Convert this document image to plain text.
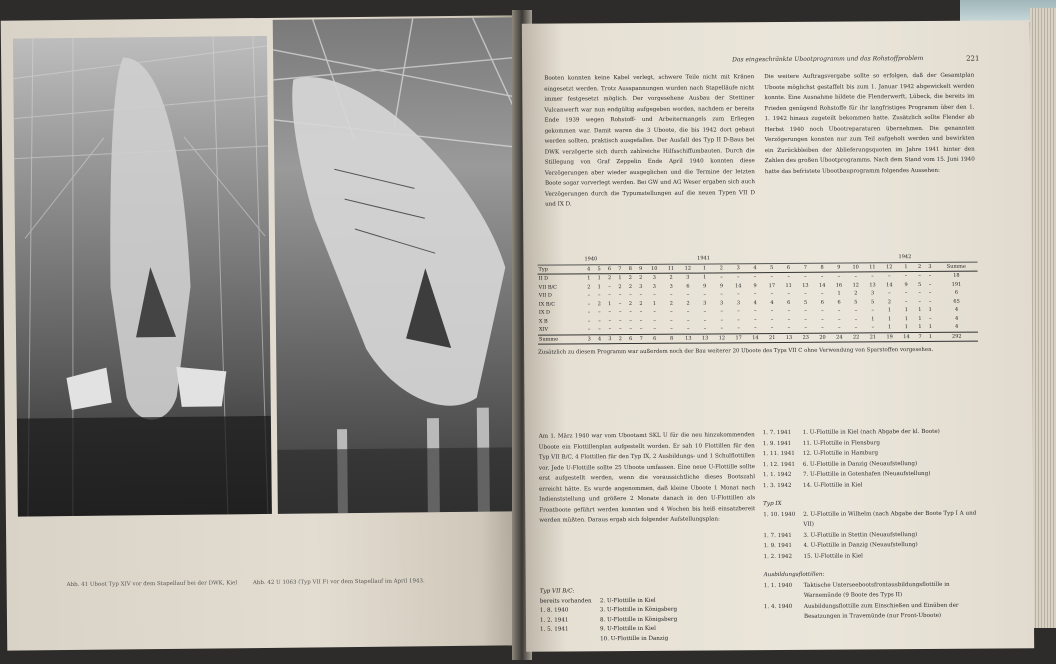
Abb. 41 Uboot Typ XIV vor dem Stapellauf bei der DWK, Kiel	Abb. 42 U 1063 (Typ VII F) vor dem Stapellauf im April 1943.
Das eingeschränkte Ubootprogramm und das Rohstoffproblem	221

Booten konnten keine Kabel verlegt, schwere Teile nicht mit Kränen eingesetzt werden. Trotz Ausspannungen wurden nach Stapelläufe nicht immer festgesetzt möglich. Der vorgesehene Ausbau der Stettiner Vulcanwerft war nun endgültig aufgegeben worden, nachdem er bereits Ende 1939 wegen Rohstoff- und Arbeitermangels zum Erliegen gekommen war. Damit waren die 3 Uboote, die bis 1942 dort gebaut werden sollten, praktisch ausgefallen. Der Ausfall des Typ II D-Baus bei DWK verzögerte sich durch zahlreiche Hilfsschiffumbauten. Durch die Stillegung von Graf Zeppelin Ende April 1940 konnten diese Verzögerungen aber wieder ausgeglichen und die Termine der letzten Boote sogar vorverlegt werden. Bei GW und AG Weser ergaben sich auch Verzögerungen durch die Typumstellungen auf die neuen Typen VII D und IX D.

Die weitere Auftragsvergabe sollte so erfolgen, daß der Gesamtplan Uboote möglichst gestaffelt bis zum 1. Januar 1942 abgewickelt werden konnte. Eine Ausnahme bildete die Flenderwerft, Lübeck, die bereits im Frieden genügend Rohstoffe für ihr langfristiges Programm über den 1. 1. 1942 hinaus zugeteilt bekommen hatte. Zusätzlich sollte Flender ab Herbst 1940 noch Ubootreparaturen übernehmen. Die genannten Verzögerungen konnten nur zum Teil aufgeholt werden und bewirkten ein Zurückbleiben der Ablieferungsquoten im Jahre 1941 hinter den Zahlen des großen Ubootprogramms. Nach dem Stand vom 15. Juni 1940 hatte das befristete Ubootbauprogramm folgendes Aussehen:

	1940									1941												1942			
Typ	4	5	6	7	8	9	10	11	12	1	2	3	4	5	6	7	8	9	10	11	12	1	2	3	Summe
II D	1	1	2	1	2	2	3	2	3	1	–	–	–	–	–	–	–	–	–	–	–	–	–	–	18
VII B/C	2	1	–	2	2	3	3	3	6	9	9	14	9	17	11	13	14	16	12	13	14	9	5	–	191
VII D	–	–	–	–	–	–	–	–	–	–	–	–	–	–	–	–	–	1	2	3	–	–	–	–	6
IX B/C	–	2	1	–	2	2	1	2	2	3	3	3	4	4	6	5	6	6	5	5	2	–	–	–	65
IX D	–	–	–	–	–	–	–	–	–	–	–	–	–	–	–	–	–	–	–	–	1	1	1	1	4
X B	–	–	–	–	–	–	–	–	–	–	–	–	–	–	–	–	–	–	–	1	1	1	1	–	4
XIV	–	–	–	–	–	–	–	–	–	–	–	–	–	–	–	–	–	–	–	–	1	1	1	1	4
Summe	3	4	3	2	6	7	6	8	13	13	12	17	14	21	13	23	20	24	22	21	19	14	7	1	292
Zusätzlich zu diesem Programm war außerdem noch der Bau weiterer 20 Uboote des Typs VII C ohne Verwendung von Sparstoffen vorgesehen.

Am 1. März 1940 war vom Ubootamt SKL U für die neu hinzukommenden Uboote ein Flottillenplan aufgestellt worden. Er sah 10 Flottillen für den Typ VII B/C, 4 Flottillen für den Typ IX, 2 Ausbildungs- und 1 Schulflottillen vor. Jede U-Flottille sollte 25 Uboote umfassen. Eine neue U-Flottille sollte erst aufgestellt werden, wenn die voraussichtliche dieses Bootszahl erreicht hätte. Es wurde angenommen, daß kleine Uboote 1 Monat nach Indienststellung und größere 2 Monate danach in den U-Flottillen als Frontboote geführt werden konnten und 4 Wochen bis heiß einsatzbereit werden müßten. Daraus ergab sich folgender Aufstellungsplan:

1. 7. 1941	1. U-Flottille in Kiel (nach Abgabe der kl. Boote)
1. 9. 1941	11. U-Flottille in Flensburg
1. 11. 1941	12. U-Flottille in Hamburg
1. 12. 1941	6. U-Flottille in Danzig (Neuaufstellung)
1. 1. 1942	7. U-Flottille in Gotenhafen (Neuaufstellung)
1. 3. 1942	14. U-Flottille in Kiel
Typ IX
1. 10. 1940	2. U-Flottille in Wilhelm (nach Abgabe der Boote Typ I A und VII)
1. 7. 1941	3. U-Flottille in Stettin (Neuaufstellung)
1. 9. 1941	4. U-Flottille in Danzig (Neuaufstellung)
1. 2. 1942	15. U-Flottille in Kiel
Ausbildungsflottillen:
1. 1. 1940	Taktische Unterseebootsfrontausbildungsflottille in Warnemünde (9 Boote des Typs II)
1. 4. 1940	Ausbildungsflottille zum Einschießen und Einüben der Besatzungen in Travemünde (nur Front-Uboote)
Typ VII B/C:
bereits vorhanden	2. U-Flottille in Kiel
1. 8. 1940	3. U-Flottille in Königsberg
1. 2. 1941	8. U-Flottille in Königsberg
1. 5. 1941	9. U-Flottille in Kiel
10. U-Flottille in Danzig
